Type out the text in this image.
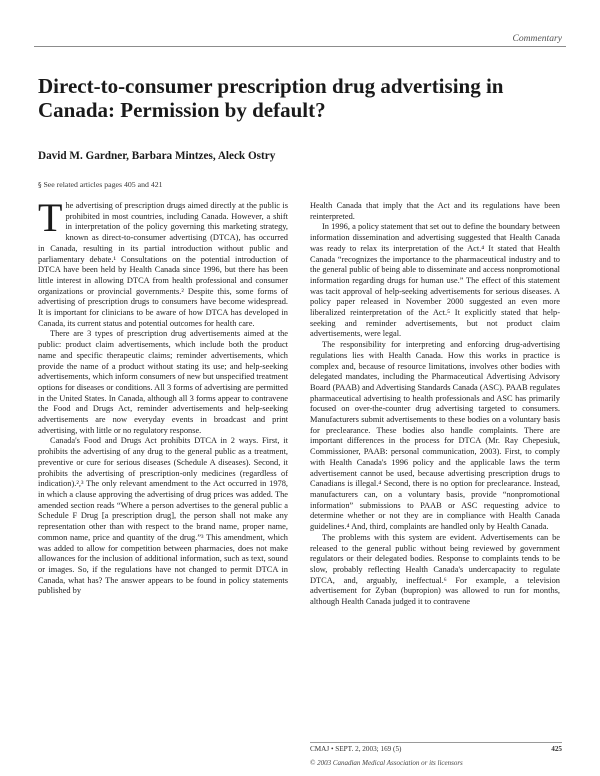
Commentary
Direct-to-consumer prescription drug advertising in Canada: Permission by default?
David M. Gardner, Barbara Mintzes, Aleck Ostry
§ See related articles pages 405 and 421

The advertising of prescription drugs aimed directly at the public is prohibited in most countries, including Canada. However, a shift in interpretation of the policy governing this marketing strategy, known as direct-to-consumer advertising (DTCA), has occurred in Canada, resulting in its partial introduction without public and parliamentary debate.¹ Consultations on the potential introduction of DTCA have been held by Health Canada since 1996, but there has been little interest in allowing DTCA from health professional and consumer organizations or provincial governments.² Despite this, some forms of advertising of prescription drugs to consumers have become widespread. It is important for clinicians to be aware of how DTCA has developed in Canada, its current status and potential outcomes for health care.

There are 3 types of prescription drug advertisements aimed at the public: product claim advertisements, which include both the product name and specific therapeutic claims; reminder advertisements, which provide the name of a product without stating its use; and help-seeking advertisements, which inform consumers of new but unspecified treatment options for diseases or conditions. All 3 forms of advertising are permitted in the United States. In Canada, although all 3 forms appear to contravene the Food and Drugs Act, reminder advertisements and help-seeking advertisements are now everyday events in broadcast and print advertising, with little or no regulatory response.

Canada's Food and Drugs Act prohibits DTCA in 2 ways. First, it prohibits the advertising of any drug to the general public as a treatment, preventive or cure for serious diseases (Schedule A diseases). Second, it prohibits the advertising of prescription-only medicines (regardless of indication).²,³ The only relevant amendment to the Act occurred in 1978, in which a clause approving the advertising of drug prices was added. The amended section reads “Where a person advertises to the general public a Schedule F Drug [a prescription drug], the person shall not make any representation other than with respect to the brand name, proper name, common name, price and quantity of the drug.”³ This amendment, which was added to allow for competition between pharmacies, does not make allowances for the inclusion of additional information, such as text, sound or images. So, if the regulations have not changed to permit DTCA in Canada, what has? The answer appears to be found in policy statements published by

Health Canada that imply that the Act and its regulations have been reinterpreted.

In 1996, a policy statement that set out to define the boundary between information dissemination and advertising suggested that Health Canada was ready to relax its interpretation of the Act.⁴ It stated that Health Canada “recognizes the importance to the pharmaceutical industry and to the general public of being able to disseminate and access nonpromotional information regarding drugs for human use.” The effect of this statement was tacit approval of help-seeking advertisements for serious diseases. A policy paper released in November 2000 suggested an even more liberalized reinterpretation of the Act.⁵ It explicitly stated that help-seeking and reminder advertisements, but not product claim advertisements, were legal.

The responsibility for interpreting and enforcing drug-advertising regulations lies with Health Canada. How this works in practice is complex and, because of resource limitations, involves other bodies with delegated mandates, including the Pharmaceutical Advertising Advisory Board (PAAB) and Advertising Standards Canada (ASC). PAAB regulates pharmaceutical advertising to health professionals and ASC has primarily focused on over-the-counter drug advertising targeted to consumers. Manufacturers submit advertisements to these bodies on a voluntary basis for preclearance. These bodies also handle complaints. There are important differences in the process for DTCA (Mr. Ray Chepesiuk, Commissioner, PAAB: personal communication, 2003). First, to comply with Health Canada's 1996 policy and the applicable laws the term advertisement cannot be used, because advertising prescription drugs to Canadians is illegal.⁴ Second, there is no option for preclearance. Instead, manufacturers can, on a voluntary basis, provide “nonpromotional information” submissions to PAAB or ASC requesting advice to determine whether or not they are in compliance with Health Canada guidelines.⁴ And, third, complaints are handled only by Health Canada.

The problems with this system are evident. Advertisements can be released to the general public without being reviewed by government regulators or their delegated bodies. Response to complaints tends to be slow, probably reflecting Health Canada's undercapacity to regulate DTCA, and, arguably, ineffectual.⁶ For example, a television advertisement for Zyban (bupropion) was allowed to run for months, although Health Canada judged it to contravene

CMAJ • SEPT. 2, 2003; 169 (5)	425
© 2003 Canadian Medical Association or its licensors
